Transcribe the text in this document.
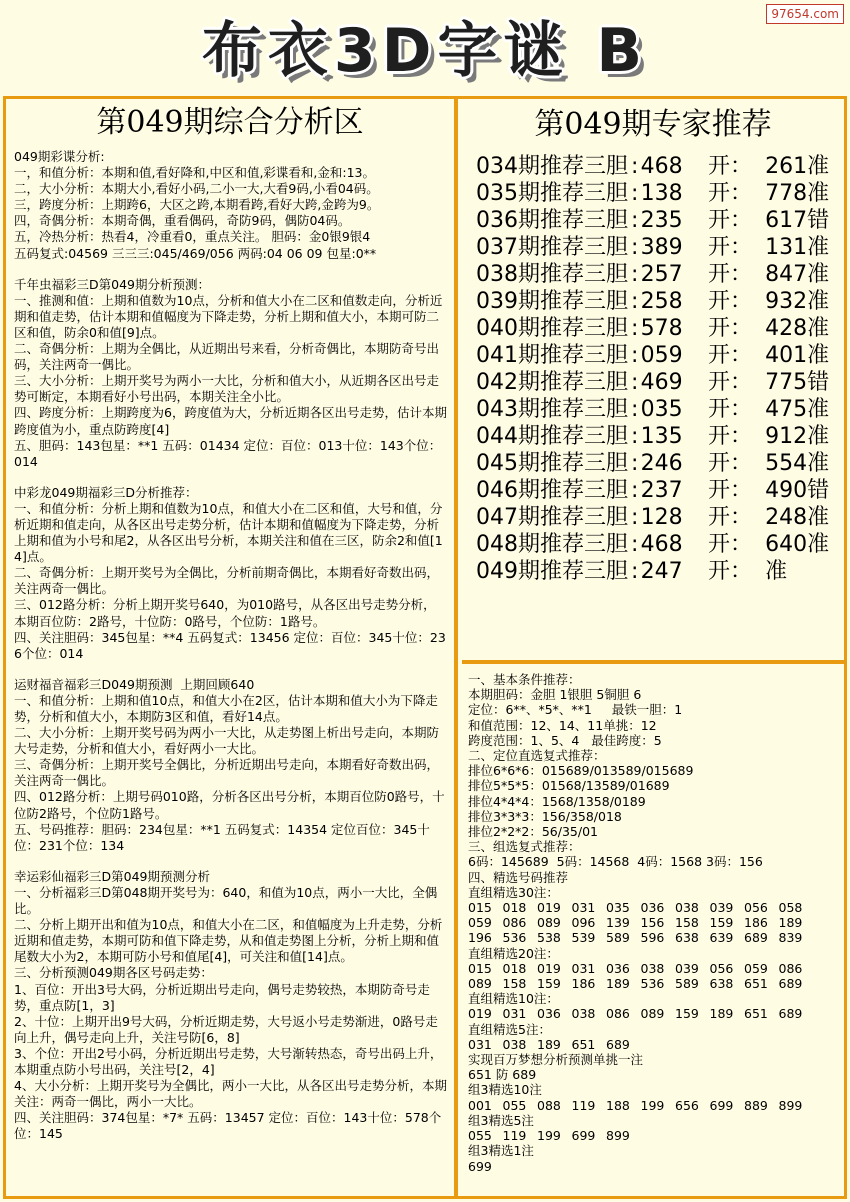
97654.com
布衣3D字谜 B
第049期综合分析区
049期彩谍分析:
一，和值分析：本期和值,看好降和,中区和值,彩谍看和,金和:13。
二，大小分析：本期大小,看好小码,二小一大,大看9码,小看04码。
三，跨度分析：上期跨6，大区之跨,本期看跨,看好大跨,金跨为9。
四，奇偶分析：本期奇偶，重看偶码，奇防9码，偶防04码。
五，冷热分析：热看4，冷重看0，重点关注。 胆码：金0银9银4
五码复式:04569 三三三:045/469/056 两码:04 06 09 包星:0**
千年虫福彩三D第049期分析预测：
一、推测和值：上期和值数为10点，分析和值大小在二区和值数走向，分析近期和值走势，估计本期和值幅度为下降走势，分析上期和值大小，本期可防二区和值，防余0和值[9]点。
二、奇偶分析：上期为全偶比，从近期出号来看，分析奇偶比，本期防奇号出码，关注两奇一偶比。
三、大小分析：上期开奖号为两小一大比，分析和值大小，从近期各区出号走势可断定，本期看好小号出码，本期关注全小比。
四、跨度分析：上期跨度为6，跨度值为大，分析近期各区出号走势，估计本期跨度值为小，重点防跨度[4]
五、胆码：143包星：**1 五码：01434 定位：百位：013十位：143个位：014
中彩龙049期福彩三D分析推荐：
一、和值分析：分析上期和值数为10点，和值大小在二区和值，大号和值，分析近期和值走向，从各区出号走势分析，估计本期和值幅度为下降走势，分析上期和值为小号和尾2，从各区出号分析，本期关注和值在三区，防余2和值[14]点。
二、奇偶分析：上期开奖号为全偶比，分析前期奇偶比，本期看好奇数出码，关注两奇一偶比。
三、012路分析：分析上期开奖号640，为010路号，从各区出号走势分析，本期百位防：2路号，十位防：0路号，个位防：1路号。
四、关注胆码：345包星：**4 五码复式：13456 定位：百位：345十位：236个位：014
运财福音福彩三D049期预测  上期回顾640
一、和值分析：上期和值10点，和值大小在2区，估计本期和值大小为下降走势，分析和值大小，本期防3区和值，看好14点。
二、大小分析：上期开奖号码为两小一大比，从走势图上析出号走向，本期防大号走势，分析和值大小，看好两小一大比。
三、奇偶分析：上期开奖号全偶比，分析近期出号走向，本期看好奇数出码，关注两奇一偶比。
四、012路分析：上期号码010路，分析各区出号分析，本期百位防0路号，十位防2路号，个位防1路号。
五、号码推荐：胆码：234包星：**1 五码复式：14354 定位百位：345十位：231个位：134
幸运彩仙福彩三D第049期预测分析
一、分析福彩三D第048期开奖号为：640，和值为10点，两小一大比，全偶比。
二、分析上期开出和值为10点，和值大小在二区，和值幅度为上升走势，分析近期和值走势，本期可防和值下降走势，从和值走势图上分析，分析上期和值尾数大小为2，本期可防小号和值尾[4]，可关注和值[14]点。
三、分析预测049期各区号码走势：
1、百位：开出3号大码，分析近期出号走向，偶号走势较热，本期防奇号走势，重点防[1，3]
2、十位：上期开出9号大码，分析近期走势，大号返小号走势渐进，0路号走向上升，偶号走向上升，关注号防[6，8]
3、个位：开出2号小码，分析近期出号走势，大号渐转热态，奇号出码上升，本期重点防小号出码，关注号[2，4]
4、大小分析：上期开奖号为全偶比，两小一大比，从各区出号走势分析，本期关注：两奇一偶比，两小一大比。
四、关注胆码：374包星：*7* 五码：13457 定位：百位：143十位：578个位：145
第049期专家推荐
034期推荐三胆 : 468	开： 261准
035期推荐三胆 : 138	开： 778准
036期推荐三胆 : 235	开： 617错
037期推荐三胆 : 389	开： 131准
038期推荐三胆 : 257	开： 847准
039期推荐三胆 : 258	开： 932准
040期推荐三胆 : 578	开： 428准
041期推荐三胆 : 059	开： 401准
042期推荐三胆 : 469	开： 775错
043期推荐三胆 : 035	开： 475准
044期推荐三胆 : 135	开： 912准
045期推荐三胆 : 246	开： 554准
046期推荐三胆 : 237	开： 490错
047期推荐三胆 : 128	开： 248准
048期推荐三胆 : 468	开： 640准
049期推荐三胆 : 247	开： 准
一、基本条件推荐：
本期胆码：金胆 1银胆 5铜胆 6
定位：6**、*5*、**1     最铁一胆：1
和值范围：12、14、11单挑：12
跨度范围：1、5、4   最佳跨度：5
二、定位直选复式推荐：
排位6*6*6：015689/013589/015689
排位5*5*5：01568/13589/01689
排位4*4*4：1568/1358/0189
排位3*3*3：156/358/018
排位2*2*2：56/35/01
三、组选复式推荐：
6码：145689  5码：14568  4码：1568 3码：156
四、精选号码推荐
直组精选30注：
015 018 019 031 035 036 038 039 056 058
059 086 089 096 139 156 158 159 186 189
196 536 538 539 589 596 638 639 689 839
直组精选20注：
015 018 019 031 036 038 039 056 059 086
089 158 159 186 189 536 589 638 651 689
直组精选10注：
019 031 036 038 086 089 159 189 651 689
直组精选5注：
031 038 189 651 689
实现百万梦想分析预测单挑一注
651 防 689
组3精选10注
001 055 088 119 188 199 656 699 889 899
组3精选5注
055 119 199 699 899
组3精选1注
699
